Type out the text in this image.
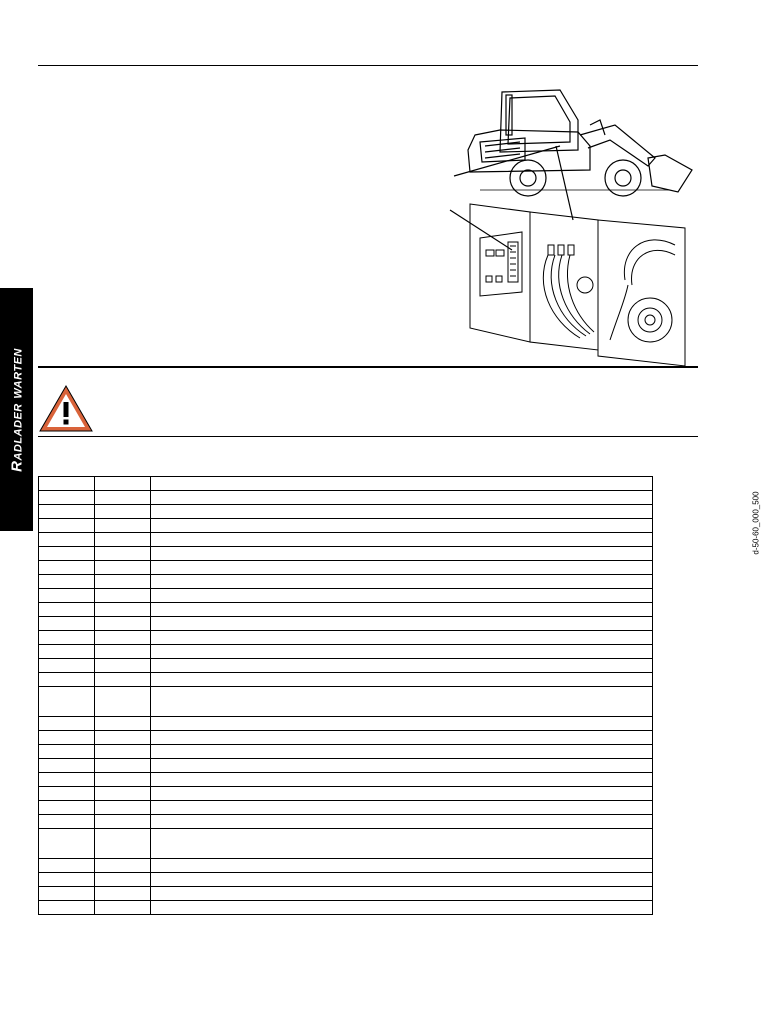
Radlader warten
d-50-60_000_500
